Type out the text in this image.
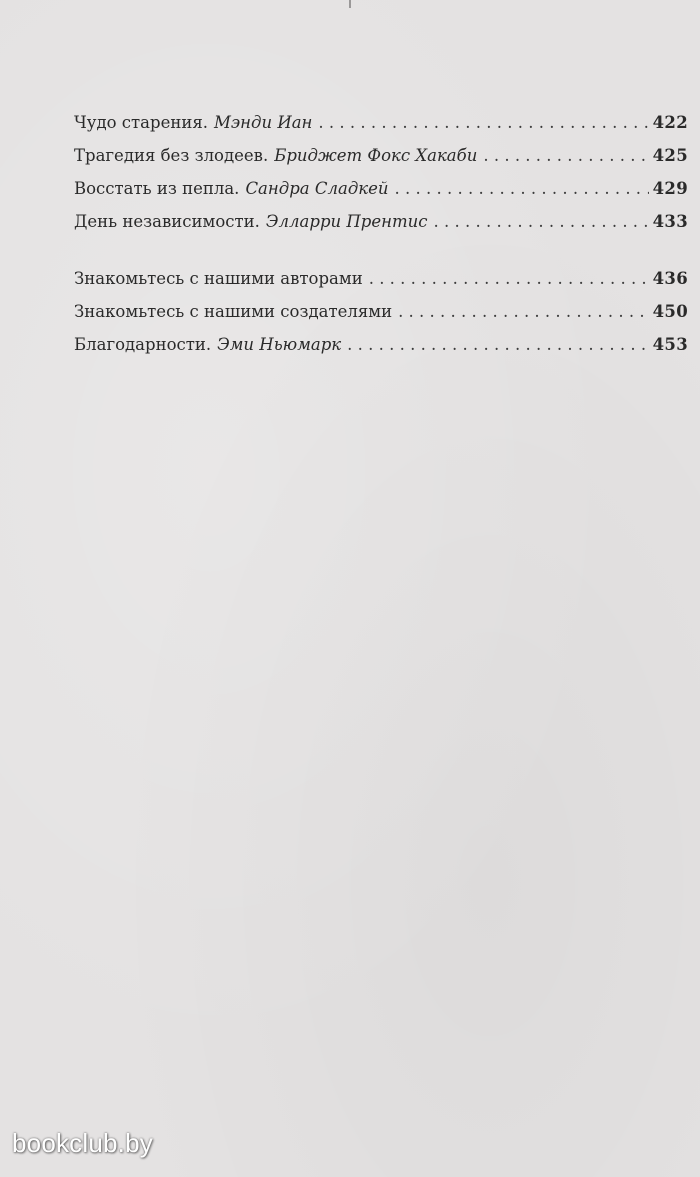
Чудо старения. Мэнди Иан . . .	422
Трагедия без злодеев. Бриджет Фокс Хакаби . . .	425
Восстать из пепла. Сандра Сладкей . . .	429
День независимости. Элларри Прентис . . .	433
Знакомьтесь с нашими авторами . . .	436
Знакомьтесь с нашими создателями . . .	450
Благодарности. Эми Ньюмарк . . .	453
bookclub.by
